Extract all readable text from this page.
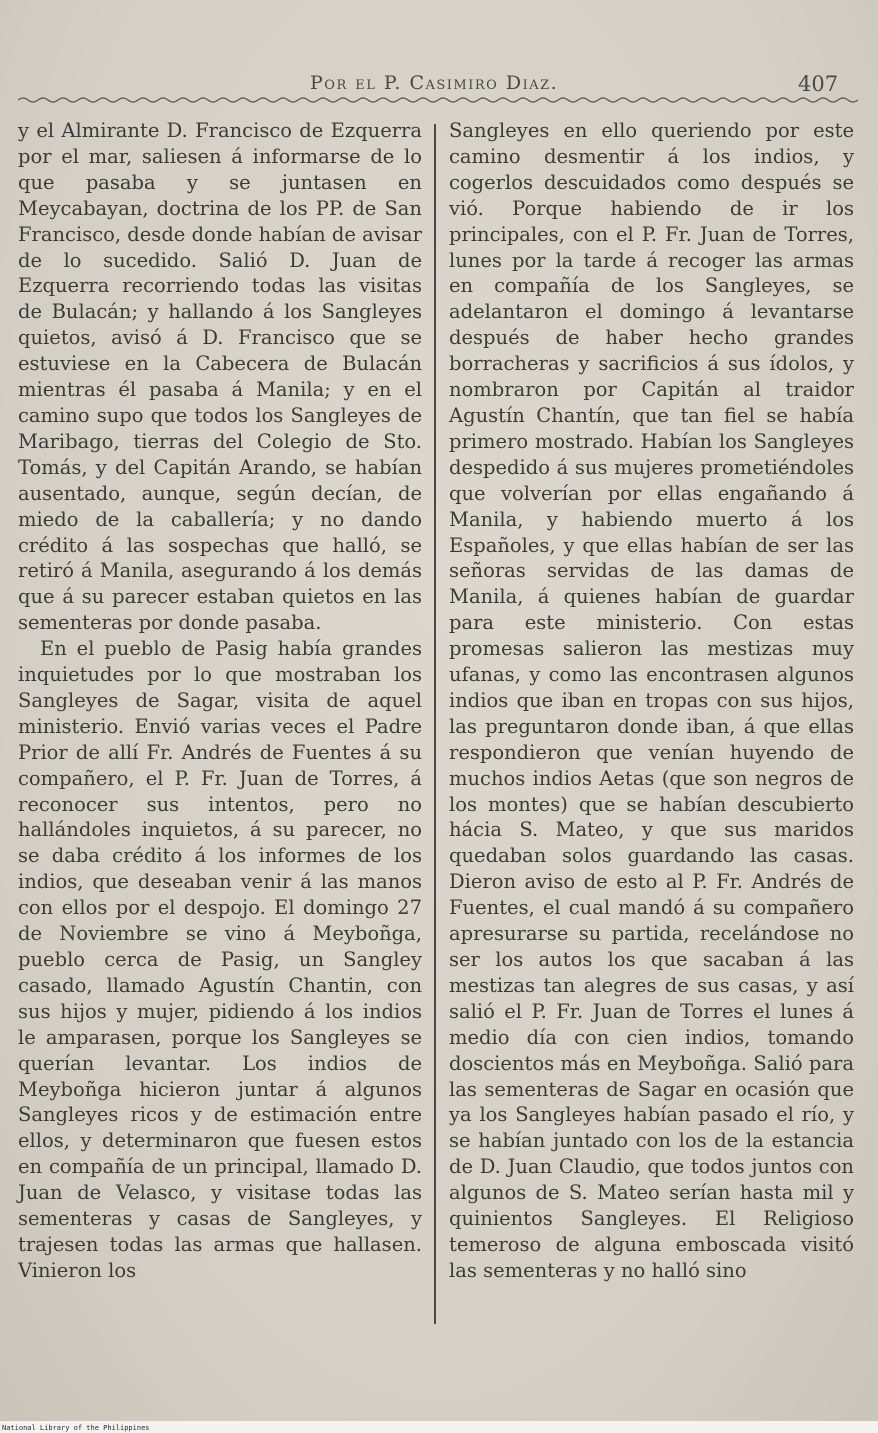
Por el P. Casimiro Diaz.	407

y el Almirante D. Francisco de Ezquerra por el mar, saliesen á informarse de lo que pasaba y se juntasen en Meycabayan, doctrina de los PP. de San Francisco, desde donde habían de avisar de lo sucedido. Salió D. Juan de Ezquerra recorriendo todas las visitas de Bulacán; y hallando á los Sangleyes quietos, avisó á D. Francisco que se estuviese en la Cabecera de Bulacán mientras él pasaba á Manila; y en el camino supo que todos los Sangleyes de Maribago, tierras del Colegio de Sto. Tomás, y del Capitán Arando, se habían ausentado, aunque, según decían, de miedo de la caballería; y no dando crédito á las sospechas que halló, se retiró á Manila, asegurando á los demás que á su parecer estaban quietos en las sementeras por donde pasaba.

En el pueblo de Pasig había grandes inquietudes por lo que mostraban los Sangleyes de Sagar, visita de aquel ministerio. Envió varias veces el Padre Prior de allí Fr. Andrés de Fuentes á su compañero, el P. Fr. Juan de Torres, á reconocer sus intentos, pero no hallándoles inquietos, á su parecer, no se daba crédito á los informes de los indios, que deseaban venir á las manos con ellos por el despojo. El domingo 27 de Noviembre se vino á Meyboñga, pueblo cerca de Pasig, un Sangley casado, llamado Agustín Chantin, con sus hijos y mujer, pidiendo á los indios le amparasen, porque los Sangleyes se querían levantar. Los indios de Meyboñga hicieron juntar á algunos Sangleyes ricos y de estimación entre ellos, y determinaron que fuesen estos en compañía de un principal, llamado D. Juan de Velasco, y visitase todas las sementeras y casas de Sangleyes, y trajesen todas las armas que hallasen. Vinieron los

Sangleyes en ello queriendo por este camino desmentir á los indios, y cogerlos descuidados como después se vió. Porque habiendo de ir los principales, con el P. Fr. Juan de Torres, lunes por la tarde á recoger las armas en compañía de los Sangleyes, se adelantaron el domingo á levantarse después de haber hecho grandes borracheras y sacrificios á sus ídolos, y nombraron por Capitán al traidor Agustín Chantín, que tan fiel se había primero mostrado. Habían los Sangleyes despedido á sus mujeres prometiéndoles que volverían por ellas engañando á Manila, y habiendo muerto á los Españoles, y que ellas habían de ser las señoras servidas de las damas de Manila, á quienes habían de guardar para este ministerio. Con estas promesas salieron las mestizas muy ufanas, y como las encontrasen algunos indios que iban en tropas con sus hijos, las preguntaron donde iban, á que ellas respondieron que venían huyendo de muchos indios Aetas (que son negros de los montes) que se habían descubierto hácia S. Mateo, y que sus maridos quedaban solos guardando las casas. Dieron aviso de esto al P. Fr. Andrés de Fuentes, el cual mandó á su compañero apresurarse su partida, recelándose no ser los autos los que sacaban á las mestizas tan alegres de sus casas, y así salió el P. Fr. Juan de Torres el lunes á medio día con cien indios, tomando doscientos más en Meyboñga. Salió para las sementeras de Sagar en ocasión que ya los Sangleyes habían pasado el río, y se habían juntado con los de la estancia de D. Juan Claudio, que todos juntos con algunos de S. Mateo serían hasta mil y quinientos Sangleyes. El Religioso temeroso de alguna emboscada visitó las sementeras y no halló sino

National Library of the Philippines
